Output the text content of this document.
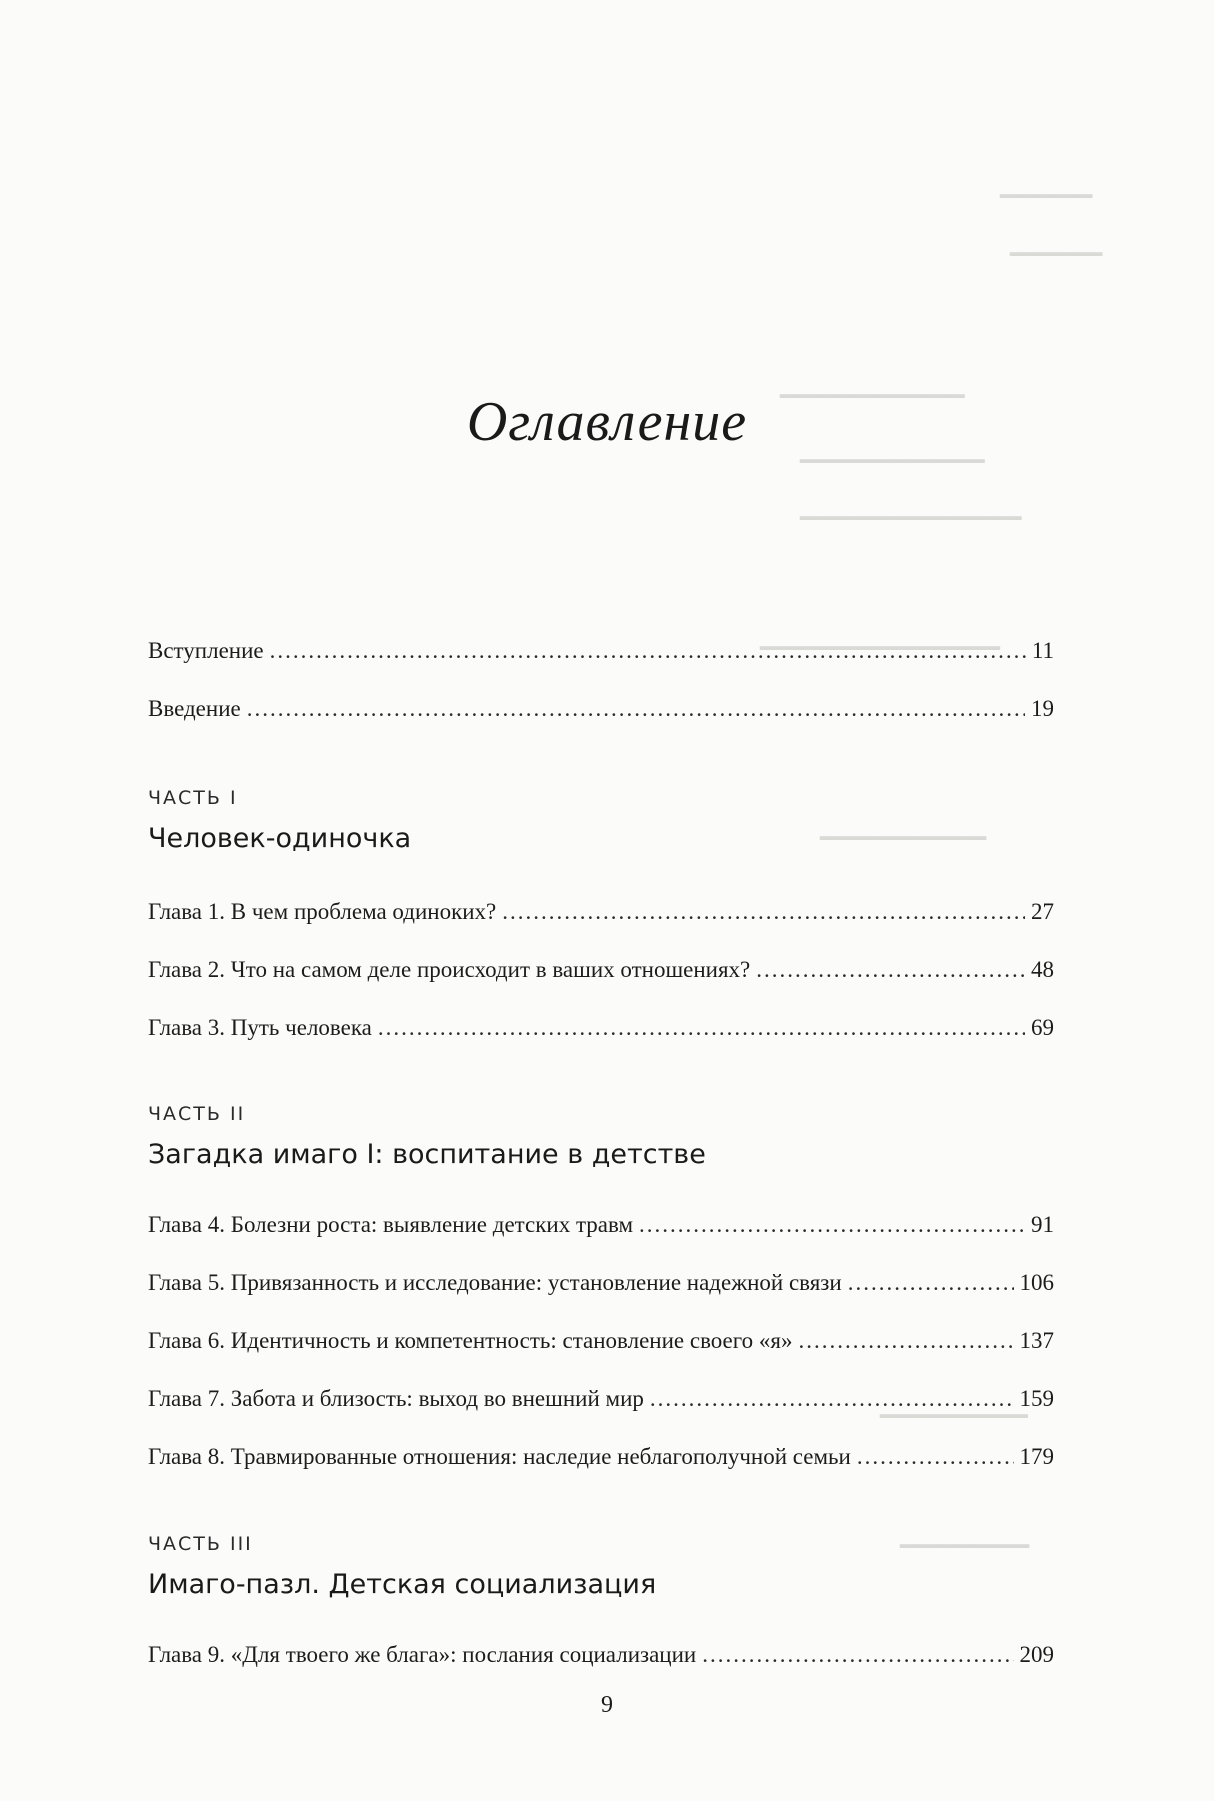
▁▁▁▁▁
▁▁▁▁▁
▁▁▁▁▁▁▁▁▁▁
▁▁▁▁▁▁▁▁▁▁
▁▁▁▁▁▁▁▁▁▁▁▁
▁▁▁▁▁▁▁▁▁▁▁▁▁
▁▁▁▁▁▁▁▁▁
▁▁▁▁▁▁▁▁
▁▁▁▁▁▁▁
Оглавление
Вступление .....	11
Введение .....	19
ЧАСТЬ I
Человек-одиночка
Глава 1. В чем проблема одиноких? .....	27
Глава 2. Что на самом деле происходит в ваших отношениях? .....	48
Глава 3. Путь человека .....	69
ЧАСТЬ II
Загадка имаго I: воспитание в детстве
Глава 4. Болезни роста: выявление детских травм .....	91
Глава 5. Привязанность и исследование: установление надежной связи .....	106
Глава 6. Идентичность и компетентность: становление своего «я» .....	137
Глава 7. Забота и близость: выход во внешний мир .....	159
Глава 8. Травмированные отношения: наследие неблагополучной семьи .....	179
ЧАСТЬ III
Имаго-пазл. Детская социализация
Глава 9. «Для твоего же блага»: послания социализации .....	209
9
